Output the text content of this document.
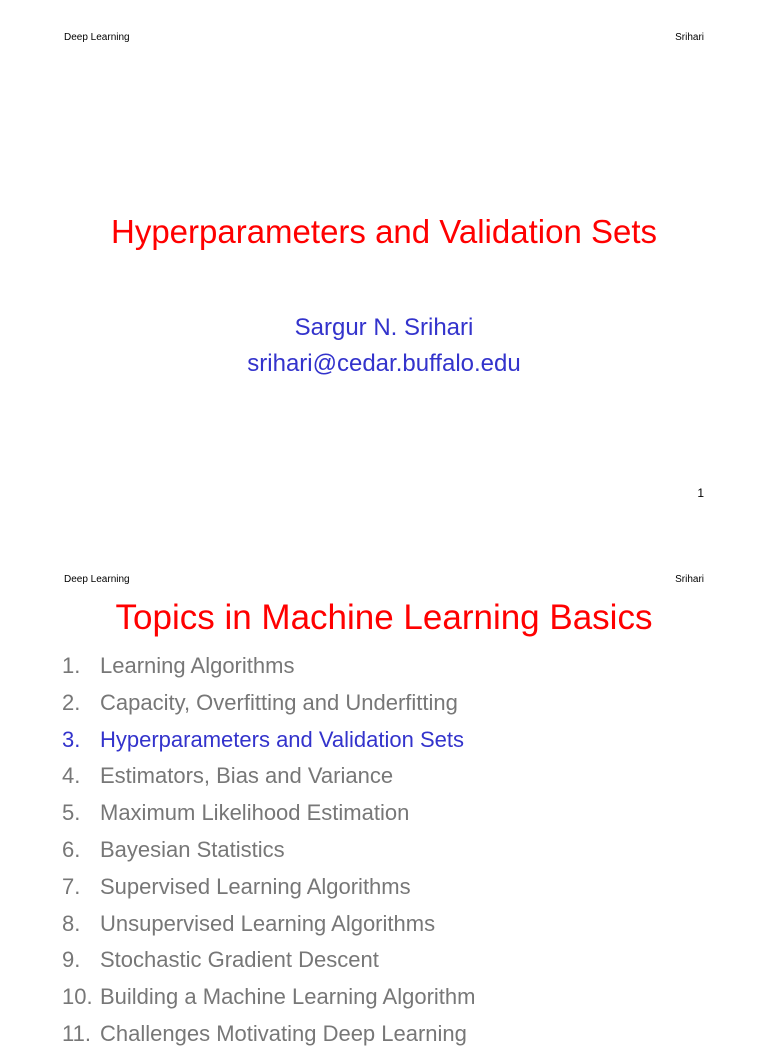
Deep Learning	Srihari
Hyperparameters and Validation Sets
Sargur N. Srihari
srihari@cedar.buffalo.edu
1
Deep Learning	Srihari
Topics in Machine Learning Basics
1. Learning Algorithms
2. Capacity, Overfitting and Underfitting
3. Hyperparameters and Validation Sets
4. Estimators, Bias and Variance
5. Maximum Likelihood Estimation
6. Bayesian Statistics
7. Supervised Learning Algorithms
8. Unsupervised Learning Algorithms
9. Stochastic Gradient Descent
10. Building a Machine Learning Algorithm
11. Challenges Motivating Deep Learning
